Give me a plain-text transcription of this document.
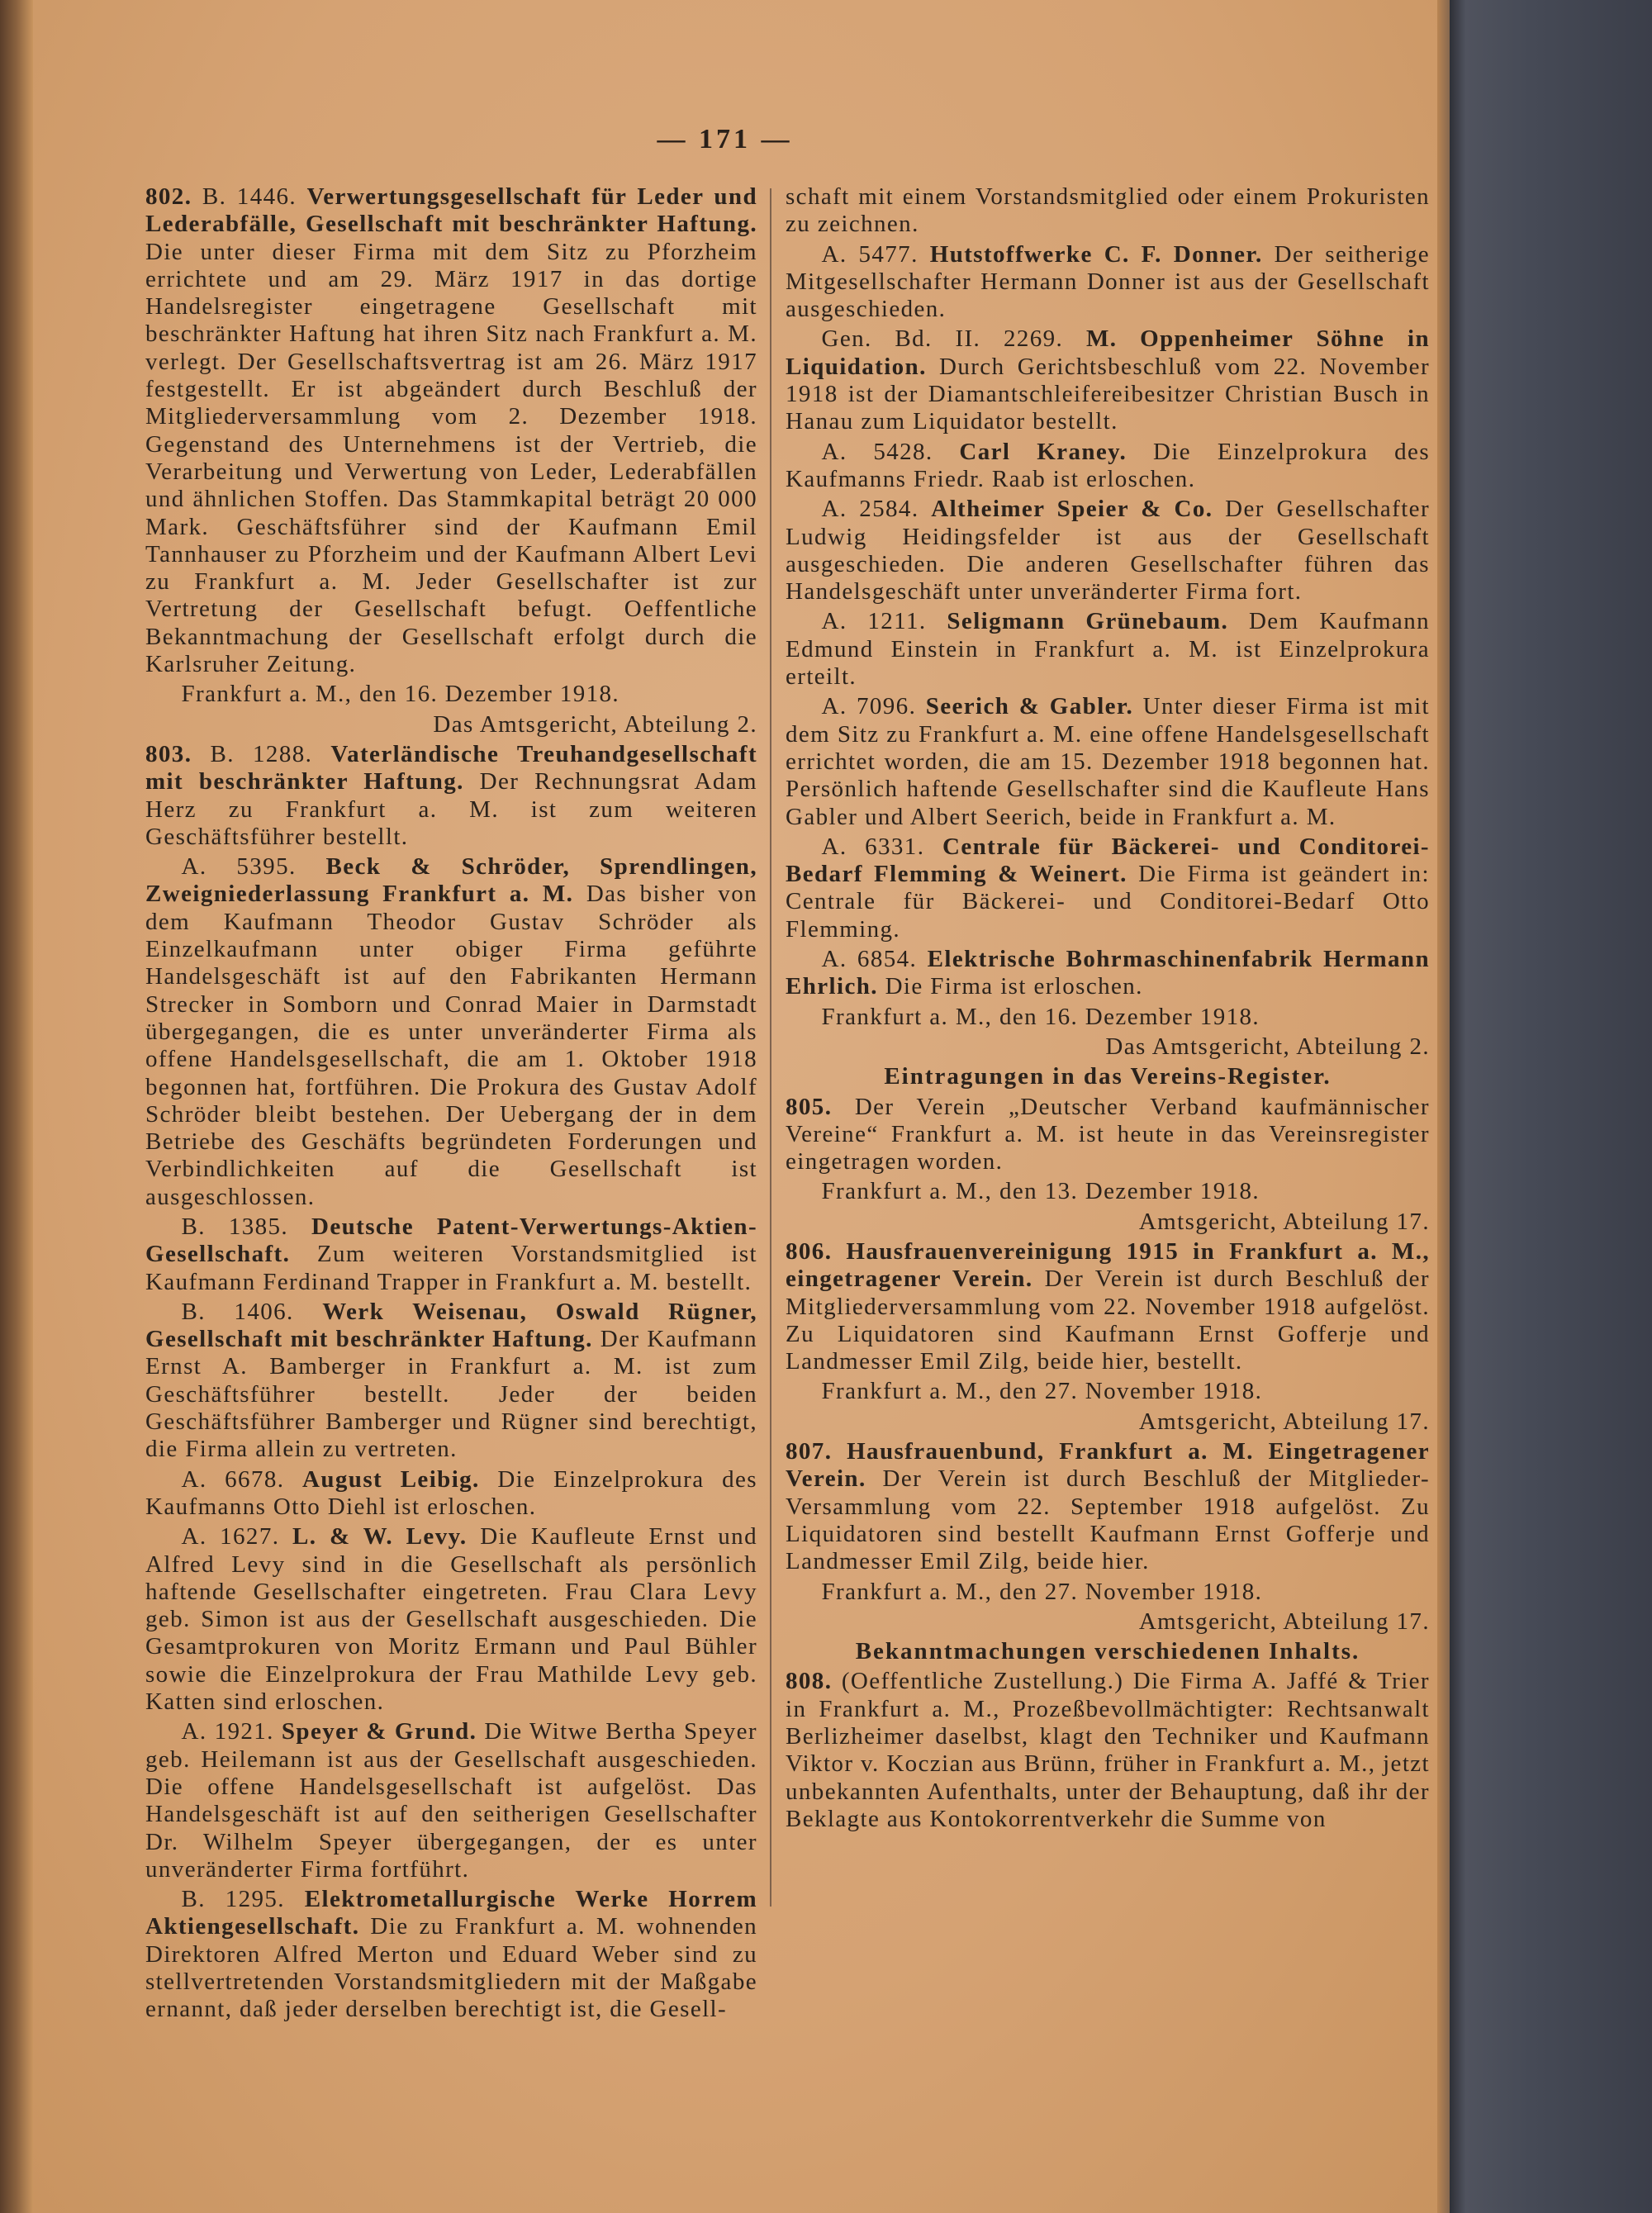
— 171 —

802. B. 1446. Verwertungsgesellschaft für Leder und Lederabfälle, Gesellschaft mit beschränkter Haftung. Die unter dieser Firma mit dem Sitz zu Pforzheim errichtete und am 29. März 1917 in das dortige Handelsregister eingetragene Gesellschaft mit beschränkter Haftung hat ihren Sitz nach Frankfurt a. M. verlegt. Der Gesellschaftsvertrag ist am 26. März 1917 festgestellt. Er ist abgeändert durch Beschluß der Mitgliederversammlung vom 2. Dezember 1918. Gegenstand des Unternehmens ist der Vertrieb, die Verarbeitung und Verwertung von Leder, Lederabfällen und ähnlichen Stoffen. Das Stammkapital beträgt 20 000 Mark. Geschäftsführer sind der Kaufmann Emil Tannhauser zu Pforzheim und der Kaufmann Albert Levi zu Frankfurt a. M. Jeder Gesellschafter ist zur Vertretung der Gesellschaft befugt. Oeffentliche Bekanntmachung der Gesellschaft erfolgt durch die Karlsruher Zeitung.

Frankfurt a. M., den 16. Dezember 1918.

Das Amtsgericht, Abteilung 2.

803. B. 1288. Vaterländische Treuhandgesellschaft mit beschränkter Haftung. Der Rechnungsrat Adam Herz zu Frankfurt a. M. ist zum weiteren Geschäftsführer bestellt.

A. 5395. Beck & Schröder, Sprendlingen, Zweigniederlassung Frankfurt a. M. Das bisher von dem Kaufmann Theodor Gustav Schröder als Einzelkaufmann unter obiger Firma geführte Handelsgeschäft ist auf den Fabrikanten Hermann Strecker in Somborn und Conrad Maier in Darmstadt übergegangen, die es unter unveränderter Firma als offene Handelsgesellschaft, die am 1. Oktober 1918 begonnen hat, fortführen. Die Prokura des Gustav Adolf Schröder bleibt bestehen. Der Uebergang der in dem Betriebe des Geschäfts begründeten Forderungen und Verbindlichkeiten auf die Gesellschaft ist ausgeschlossen.

B. 1385. Deutsche Patent-Verwertungs-Aktien-Gesellschaft. Zum weiteren Vorstandsmitglied ist Kaufmann Ferdinand Trapper in Frankfurt a. M. bestellt.

B. 1406. Werk Weisenau, Oswald Rügner, Gesellschaft mit beschränkter Haftung. Der Kaufmann Ernst A. Bamberger in Frankfurt a. M. ist zum Geschäftsführer bestellt. Jeder der beiden Geschäftsführer Bamberger und Rügner sind berechtigt, die Firma allein zu vertreten.

A. 6678. August Leibig. Die Einzelprokura des Kaufmanns Otto Diehl ist erloschen.

A. 1627. L. & W. Levy. Die Kaufleute Ernst und Alfred Levy sind in die Gesellschaft als persönlich haftende Gesellschafter eingetreten. Frau Clara Levy geb. Simon ist aus der Gesellschaft ausgeschieden. Die Gesamtprokuren von Moritz Ermann und Paul Bühler sowie die Einzelprokura der Frau Mathilde Levy geb. Katten sind erloschen.

A. 1921. Speyer & Grund. Die Witwe Bertha Speyer geb. Heilemann ist aus der Gesellschaft ausgeschieden. Die offene Handelsgesellschaft ist aufgelöst. Das Handelsgeschäft ist auf den seitherigen Gesellschafter Dr. Wilhelm Speyer übergegangen, der es unter unveränderter Firma fortführt.

B. 1295. Elektrometallurgische Werke Horrem Aktiengesellschaft. Die zu Frankfurt a. M. wohnenden Direktoren Alfred Merton und Eduard Weber sind zu stellvertretenden Vorstandsmitgliedern mit der Maßgabe ernannt, daß jeder derselben berechtigt ist, die Gesell-

schaft mit einem Vorstandsmitglied oder einem Prokuristen zu zeichnen.

A. 5477. Hutstoffwerke C. F. Donner. Der seitherige Mitgesellschafter Hermann Donner ist aus der Gesellschaft ausgeschieden.

Gen. Bd. II. 2269. M. Oppenheimer Söhne in Liquidation. Durch Gerichtsbeschluß vom 22. November 1918 ist der Diamantschleifereibesitzer Christian Busch in Hanau zum Liquidator bestellt.

A. 5428. Carl Kraney. Die Einzelprokura des Kaufmanns Friedr. Raab ist erloschen.

A. 2584. Altheimer Speier & Co. Der Gesellschafter Ludwig Heidingsfelder ist aus der Gesellschaft ausgeschieden. Die anderen Gesellschafter führen das Handelsgeschäft unter unveränderter Firma fort.

A. 1211. Seligmann Grünebaum. Dem Kaufmann Edmund Einstein in Frankfurt a. M. ist Einzelprokura erteilt.

A. 7096. Seerich & Gabler. Unter dieser Firma ist mit dem Sitz zu Frankfurt a. M. eine offene Handelsgesellschaft errichtet worden, die am 15. Dezember 1918 begonnen hat. Persönlich haftende Gesellschafter sind die Kaufleute Hans Gabler und Albert Seerich, beide in Frankfurt a. M.

A. 6331. Centrale für Bäckerei- und Conditorei-Bedarf Flemming & Weinert. Die Firma ist geändert in: Centrale für Bäckerei- und Conditorei-Bedarf Otto Flemming.

A. 6854. Elektrische Bohrmaschinenfabrik Hermann Ehrlich. Die Firma ist erloschen.

Frankfurt a. M., den 16. Dezember 1918.

Das Amtsgericht, Abteilung 2.

Eintragungen in das Vereins-Register.

805. Der Verein „Deutscher Verband kaufmännischer Vereine“ Frankfurt a. M. ist heute in das Vereinsregister eingetragen worden.

Frankfurt a. M., den 13. Dezember 1918.

Amtsgericht, Abteilung 17.

806. Hausfrauenvereinigung 1915 in Frankfurt a. M., eingetragener Verein. Der Verein ist durch Beschluß der Mitgliederversammlung vom 22. November 1918 aufgelöst. Zu Liquidatoren sind Kaufmann Ernst Gofferje und Landmesser Emil Zilg, beide hier, bestellt.

Frankfurt a. M., den 27. November 1918.

Amtsgericht, Abteilung 17.

807. Hausfrauenbund, Frankfurt a. M. Eingetragener Verein. Der Verein ist durch Beschluß der Mitglieder-Versammlung vom 22. September 1918 aufgelöst. Zu Liquidatoren sind bestellt Kaufmann Ernst Gofferje und Landmesser Emil Zilg, beide hier.

Frankfurt a. M., den 27. November 1918.

Amtsgericht, Abteilung 17.

Bekanntmachungen verschiedenen Inhalts.

808. (Oeffentliche Zustellung.) Die Firma A. Jaffé & Trier in Frankfurt a. M., Prozeßbevollmächtigter: Rechtsanwalt Berlizheimer daselbst, klagt den Techniker und Kaufmann Viktor v. Koczian aus Brünn, früher in Frankfurt a. M., jetzt unbekannten Aufenthalts, unter der Behauptung, daß ihr der Beklagte aus Kontokorrentverkehr die Summe von
